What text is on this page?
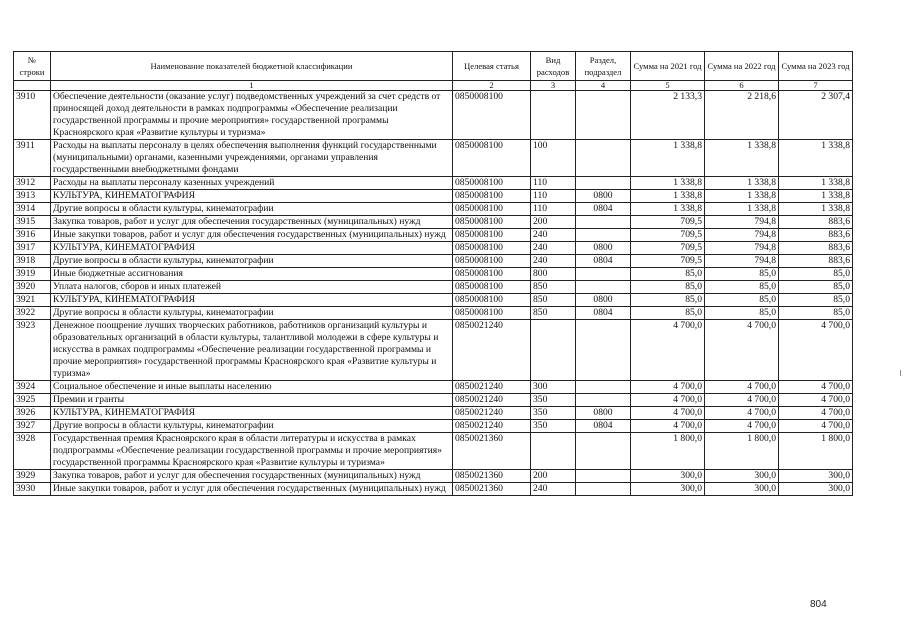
№ строки	Наименование показателей бюджетной классификации	Целевая статья	Вид расходов	Раздел, подраздел	Сумма на 2021 год	Сумма на 2022 год	Сумма на 2023 год
	1	2	3	4	5	6	7
3910	Обеспечение деятельности (оказание услуг) подведомственных учреждений за счет средств от приносящей доход деятельности в рамках подпрограммы «Обеспечение реализации государственной программы и прочие мероприятия» государственной программы Красноярского края «Развитие культуры и туризма»	0850008100			2 133,3	2 218,6	2 307,4
3911	Расходы на выплаты персоналу в целях обеспечения выполнения функций государственными (муниципальными) органами, казенными учреждениями, органами управления государственными внебюджетными фондами	0850008100	100		1 338,8	1 338,8	1 338,8
3912	Расходы на выплаты персоналу казенных учреждений	0850008100	110		1 338,8	1 338,8	1 338,8
3913	КУЛЬТУРА, КИНЕМАТОГРАФИЯ	0850008100	110	0800	1 338,8	1 338,8	1 338,8
3914	Другие вопросы в области культуры, кинематографии	0850008100	110	0804	1 338,8	1 338,8	1 338,8
3915	Закупка товаров, работ и услуг для обеспечения государственных (муниципальных) нужд	0850008100	200		709,5	794,8	883,6
3916	Иные закупки товаров, работ и услуг для обеспечения государственных (муниципальных) нужд	0850008100	240		709,5	794,8	883,6
3917	КУЛЬТУРА, КИНЕМАТОГРАФИЯ	0850008100	240	0800	709,5	794,8	883,6
3918	Другие вопросы в области культуры, кинематографии	0850008100	240	0804	709,5	794,8	883,6
3919	Иные бюджетные ассигнования	0850008100	800		85,0	85,0	85,0
3920	Уплата налогов, сборов и иных платежей	0850008100	850		85,0	85,0	85,0
3921	КУЛЬТУРА, КИНЕМАТОГРАФИЯ	0850008100	850	0800	85,0	85,0	85,0
3922	Другие вопросы в области культуры, кинематографии	0850008100	850	0804	85,0	85,0	85,0
3923	Денежное поощрение лучших творческих работников, работников организаций культуры и образовательных организаций в области культуры, талантливой молодежи в сфере культуры и искусства в рамках подпрограммы «Обеспечение реализации государственной программы и прочие мероприятия» государственной программы Красноярского края «Развитие культуры и туризма»	0850021240			4 700,0	4 700,0	4 700,0
3924	Социальное обеспечение и иные выплаты населению	0850021240	300		4 700,0	4 700,0	4 700,0
3925	Премии и гранты	0850021240	350		4 700,0	4 700,0	4 700,0
3926	КУЛЬТУРА, КИНЕМАТОГРАФИЯ	0850021240	350	0800	4 700,0	4 700,0	4 700,0
3927	Другие вопросы в области культуры, кинематографии	0850021240	350	0804	4 700,0	4 700,0	4 700,0
3928	Государственная премия Красноярского края в области литературы и искусства в рамках подпрограммы «Обеспечение реализации государственной программы и прочие мероприятия» государственной программы Красноярского края «Развитие культуры и туризма»	0850021360			1 800,0	1 800,0	1 800,0
3929	Закупка товаров, работ и услуг для обеспечения государственных (муниципальных) нужд	0850021360	200		300,0	300,0	300,0
3930	Иные закупки товаров, работ и услуг для обеспечения государственных (муниципальных) нужд	0850021360	240		300,0	300,0	300,0
804
